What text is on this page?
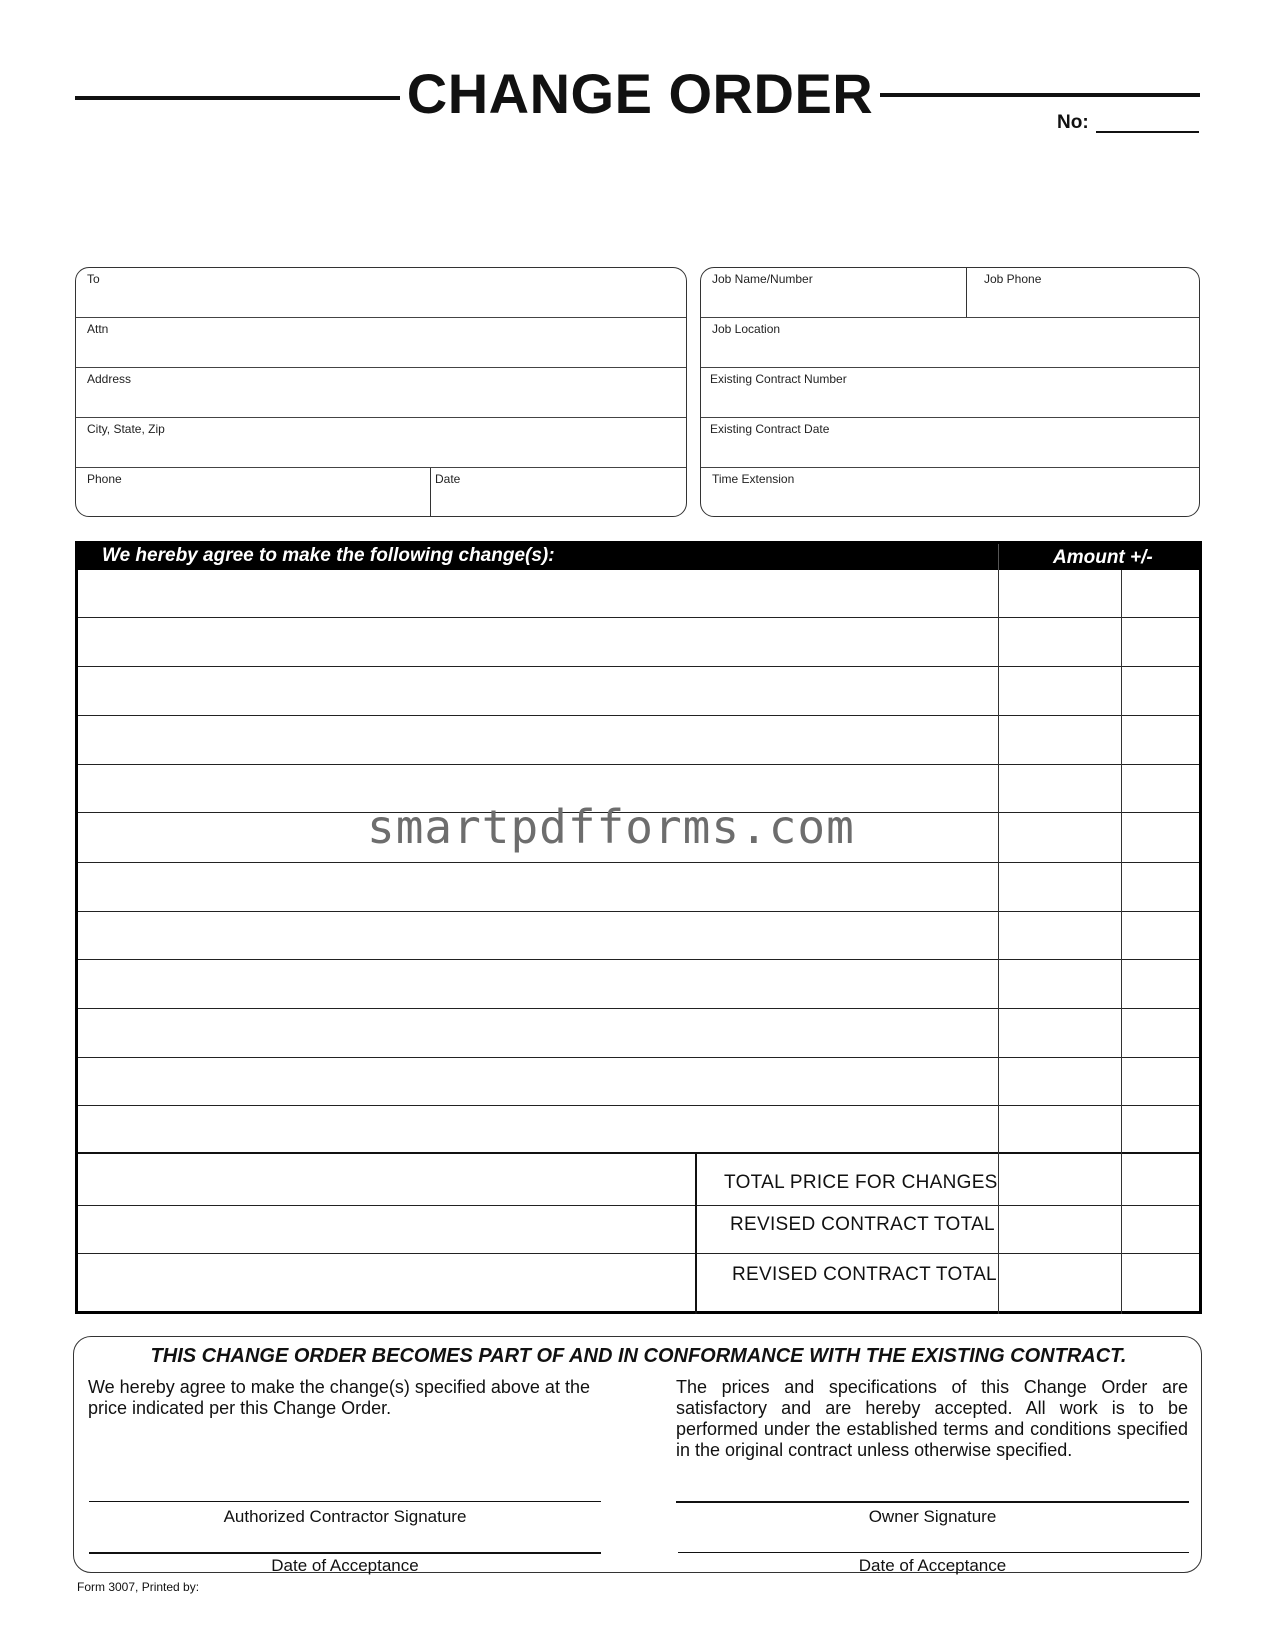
CHANGE ORDER	No:
To
Attn
Address
City, State, Zip
Phone	Date
Job Name/Number	Job Phone
Job Location
Existing Contract Number
Existing Contract Date
Time Extension
We hereby agree to make the following change(s):	Amount +/-
TOTAL PRICE FOR CHANGES
REVISED CONTRACT TOTAL
REVISED CONTRACT TOTAL
smartpdfforms.com
THIS CHANGE ORDER BECOMES PART OF AND IN CONFORMANCE WITH THE EXISTING CONTRACT.
We hereby agree to make the change(s) specified above at the price indicated per this Change Order.
The prices and specifications of this Change Order are satisfactory and are hereby accepted. All work is to be performed under the established terms and conditions specified in the original contract unless otherwise specified.
Authorized Contractor Signature
Date of Acceptance
Owner Signature
Date of Acceptance
Form 3007, Printed by:
